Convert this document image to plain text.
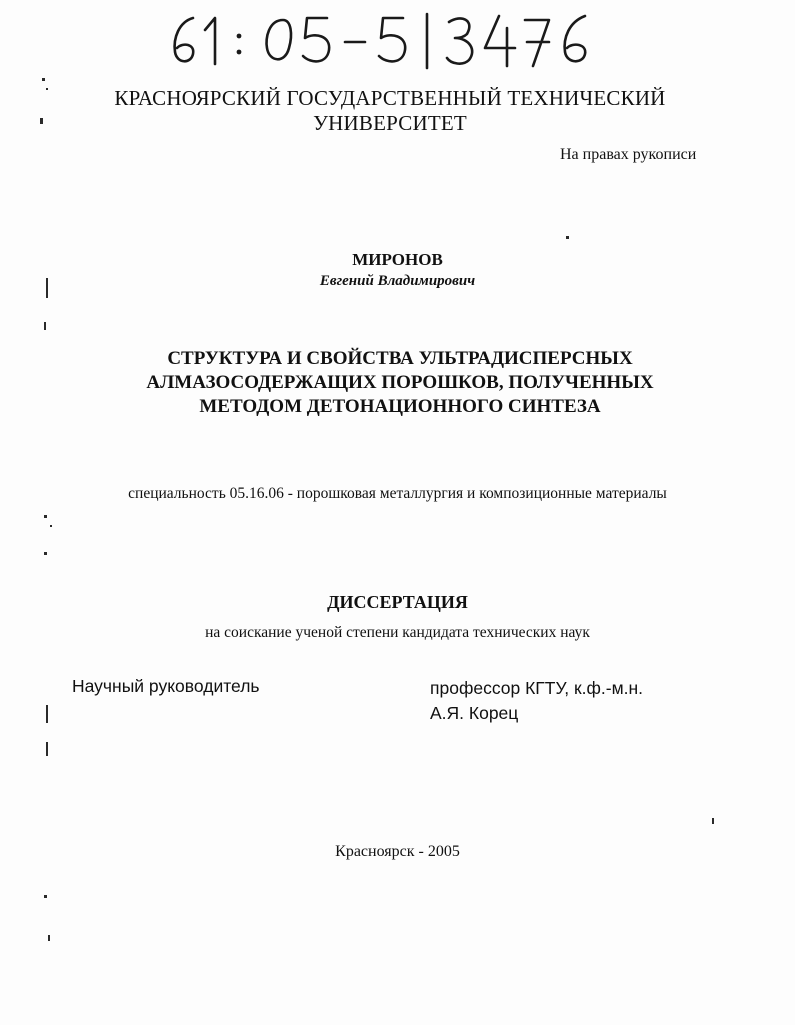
КРАСНОЯРСКИЙ ГОСУДАРСТВЕННЫЙ ТЕХНИЧЕСКИЙ
УНИВЕРСИТЕТ
На правах рукописи
МИРОНОВ
Евгений Владимирович
СТРУКТУРА И СВОЙСТВА УЛЬТРАДИСПЕРСНЫХ
АЛМАЗОСОДЕРЖАЩИХ ПОРОШКОВ, ПОЛУЧЕННЫХ
МЕТОДОМ ДЕТОНАЦИОННОГО СИНТЕЗА
специальность 05.16.06 - порошковая металлургия и композиционные материалы
ДИССЕРТАЦИЯ
на соискание ученой степени кандидата технических наук
Научный руководитель	профессор КГТУ, к.ф.-м.н.
А.Я. Корец
Красноярск - 2005
